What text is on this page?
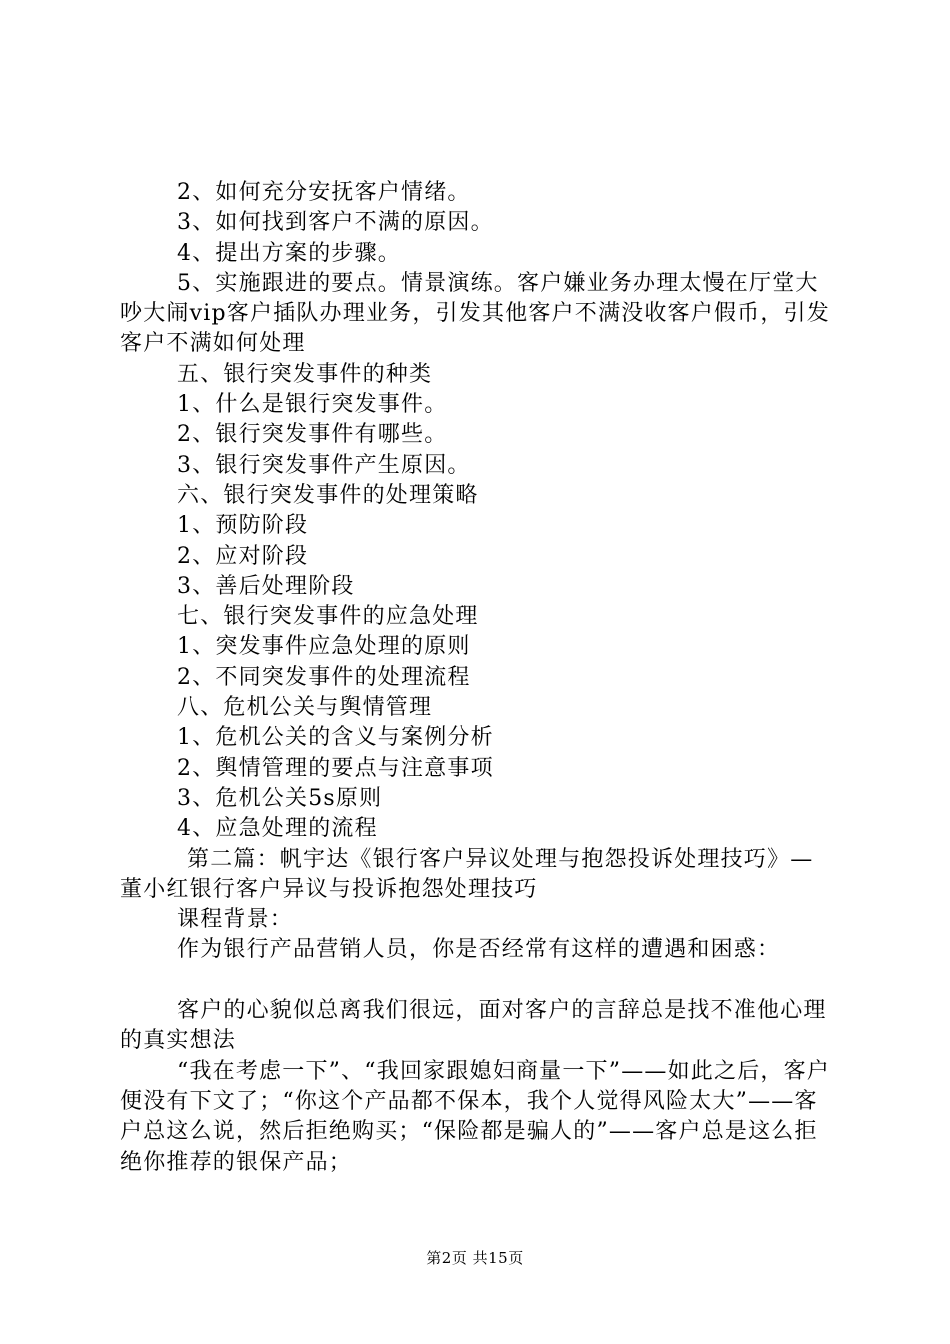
2、如何充分安抚客户情绪。

3、如何找到客户不满的原因。

4、提出方案的步骤。

5、实施跟进的要点。情景演练。客户嫌业务办理太慢在厅堂大吵大闹vip客户插队办理业务，引发其他客户不满没收客户假币，引发客户不满如何处理

五、银行突发事件的种类

1、什么是银行突发事件。

2、银行突发事件有哪些。

3、银行突发事件产生原因。

六、银行突发事件的处理策略

1、预防阶段

2、应对阶段

3、善后处理阶段

七、银行突发事件的应急处理

1、突发事件应急处理的原则

2、不同突发事件的处理流程

八、危机公关与舆情管理

1、危机公关的含义与案例分析

2、舆情管理的要点与注意事项

3、危机公关5s原则

4、应急处理的流程

第二篇：帆宇达《银行客户异议处理与抱怨投诉处理技巧》—董小红银行客户异议与投诉抱怨处理技巧

课程背景：

作为银行产品营销人员，你是否经常有这样的遭遇和困惑：

客户的心貌似总离我们很远，面对客户的言辞总是找不准他心理的真实想法

“我在考虑一下”、“我回家跟媳妇商量一下”——如此之后，客户便没有下文了；“你这个产品都不保本，我个人觉得风险太大”——客户总这么说，然后拒绝购买；“保险都是骗人的”——客户总是这么拒绝你推荐的银保产品；

第2页 共15页
